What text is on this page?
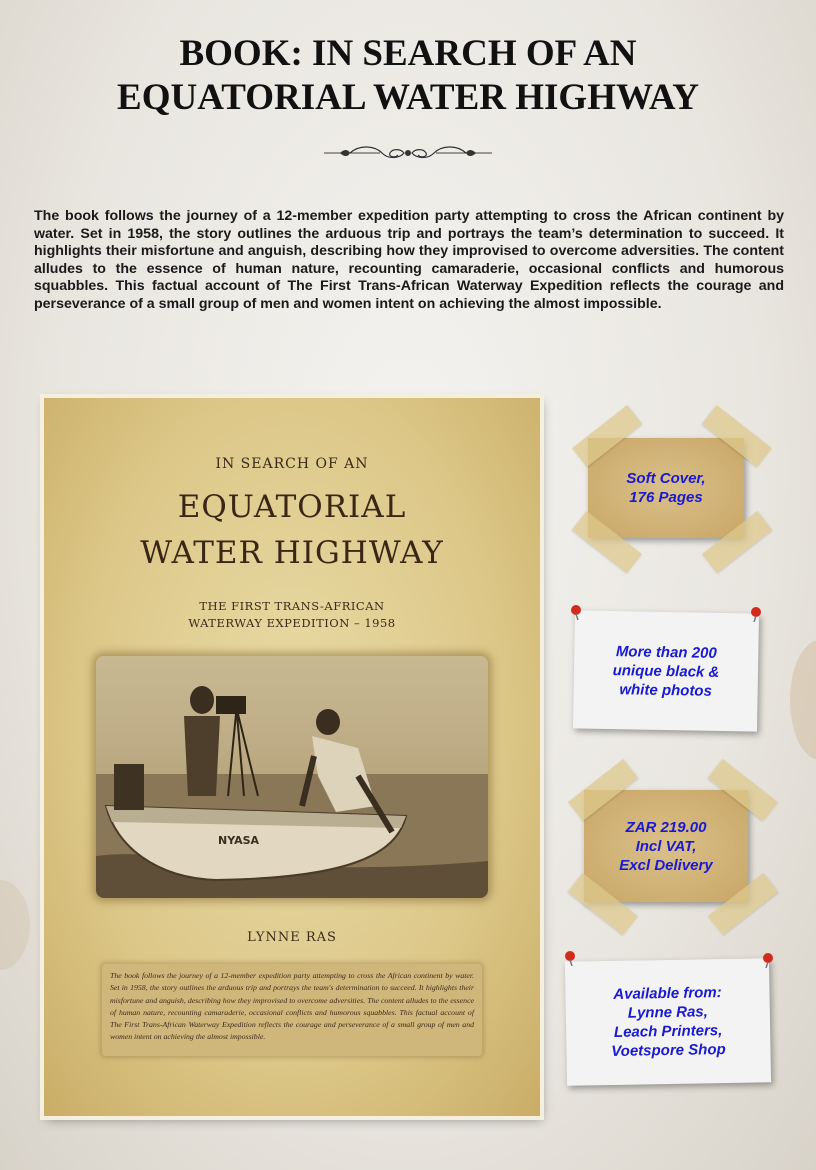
BOOK: IN SEARCH OF AN
EQUATORIAL WATER HIGHWAY

The book follows the journey of a 12-member expedition party attempting to cross the African continent by water. Set in 1958, the story outlines the arduous trip and portrays the team’s determination to succeed. It highlights their misfortune and anguish, describing how they improvised to overcome adversities. The content alludes to the essence of human nature, recounting camaraderie, occasional conflicts and humorous squabbles. This factual account of The First Trans-African Waterway Expedition reflects the courage and perseverance of a small group of men and women intent on achieving the almost impossible.

IN SEARCH OF AN
EQUATORIAL
WATER HIGHWAY
THE FIRST TRANS-AFRICAN
WATERWAY EXPEDITION – 1958
NYASA
LYNNE RAS
The book follows the journey of a 12-member expedition party attempting to cross the African continent by water. Set in 1958, the story outlines the arduous trip and portrays the team's determination to succeed. It highlights their misfortune and anguish, describing how they improvised to overcome adversities. The content alludes to the essence of human nature, recounting camaraderie, occasional conflicts and humorous squabbles. This factual account of The First Trans-African Waterway Expedition reflects the courage and perseverance of a small group of men and women intent on achieving the almost impossible.
Soft Cover,
176 Pages
More than 200
unique black &
white photos
ZAR 219.00
Incl VAT,
Excl Delivery
Available from:
Lynne Ras,
Leach Printers,
Voetspore Shop
